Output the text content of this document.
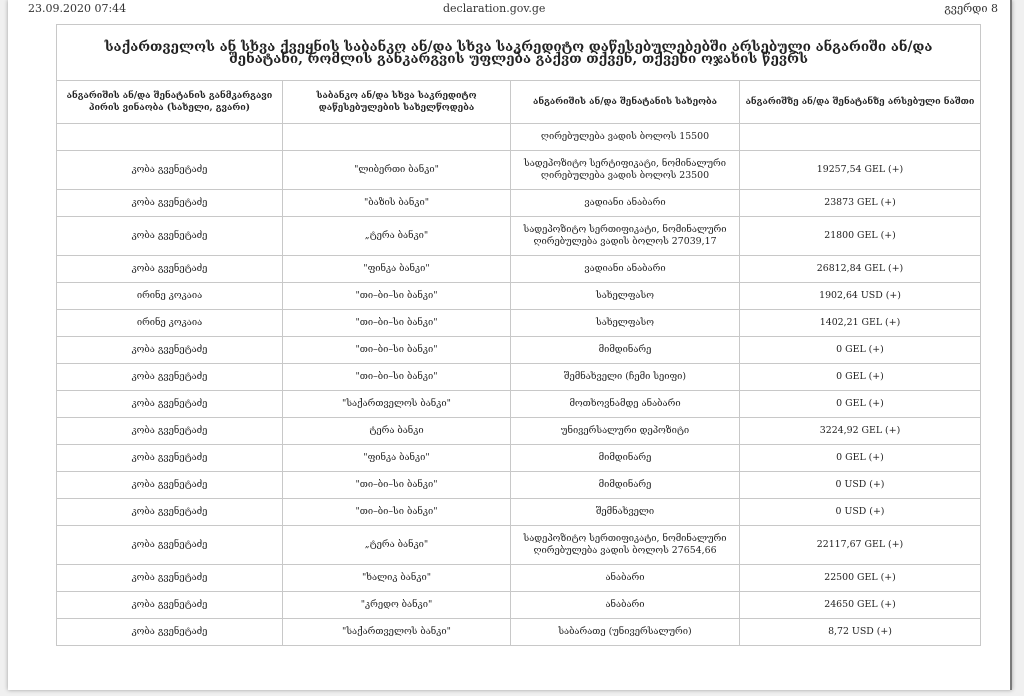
23.09.2020 07:44	declaration.gov.ge	გვერდი 8
საქართველოს ან სხვა ქვეყნის საბანკო ან/და სხვა საკრედიტო დაწესებულებებში არსებული ანგარიში ან/და შენატანი, რომლის განკარგვის უფლება გაქვთ თქვენ, თქვენი ოჯახის წევრს			
ანგარიშის ან/და შენატანის განმკარგავი პირის ვინაობა (სახელი, გვარი)	საბანკო ან/და სხვა საკრედიტო დაწესებულების სახელწოდება	ანგარიშის ან/და შენატანის სახეობა	ანგარიშზე ან/და შენატანზე არსებული ნაშთი
		ღირებულება ვადის ბოლოს 15500	
კობა გვენეტაძე	"ლიბერთი ბანკი"	სადეპოზიტო სერტიფიკატი, ნომინალური ღირებულება ვადის ბოლოს 23500	19257,54 GEL (+)
კობა გვენეტაძე	"ბაზის ბანკი"	ვადიანი ანაბარი	23873 GEL (+)
კობა გვენეტაძე	„ტერა ბანკი"	სადეპოზიტო სერთიფიკატი, ნომინალური ღირებულება ვადის ბოლოს 27039,17	21800 GEL (+)
კობა გვენეტაძე	"ფინკა ბანკი"	ვადიანი ანაბარი	26812,84 GEL (+)
ირინე კოკაია	"თი–ბი–სი ბანკი"	სახელფასო	1902,64 USD (+)
ირინე კოკაია	"თი–ბი–სი ბანკი"	სახელფასო	1402,21 GEL (+)
კობა გვენეტაძე	"თი–ბი–სი ბანკი"	მიმდინარე	0 GEL (+)
კობა გვენეტაძე	"თი–ბი–სი ბანკი"	შემნახველი (ჩემი სეიფი)	0 GEL (+)
კობა გვენეტაძე	"საქართველოს ბანკი"	მოთხოვნამდე ანაბარი	0 GEL (+)
კობა გვენეტაძე	ტერა ბანკი	უნივერსალური დეპოზიტი	3224,92 GEL (+)
კობა გვენეტაძე	"ფინკა ბანკი"	მიმდინარე	0 GEL (+)
კობა გვენეტაძე	"თი–ბი–სი ბანკი"	მიმდინარე	0 USD (+)
კობა გვენეტაძე	"თი–ბი–სი ბანკი"	შემნახველი	0 USD (+)
კობა გვენეტაძე	„ტერა ბანკი"	სადეპოზიტო სერთიფიკატი, ნომინალური ღირებულება ვადის ბოლოს 27654,66	22117,67 GEL (+)
კობა გვენეტაძე	"ხალიკ ბანკი"	ანაბარი	22500 GEL (+)
კობა გვენეტაძე	"კრედო ბანკი"	ანაბარი	24650 GEL (+)
კობა გვენეტაძე	"საქართველოს ბანკი"	საბარათე (უნივერსალური)	8,72 USD (+)
